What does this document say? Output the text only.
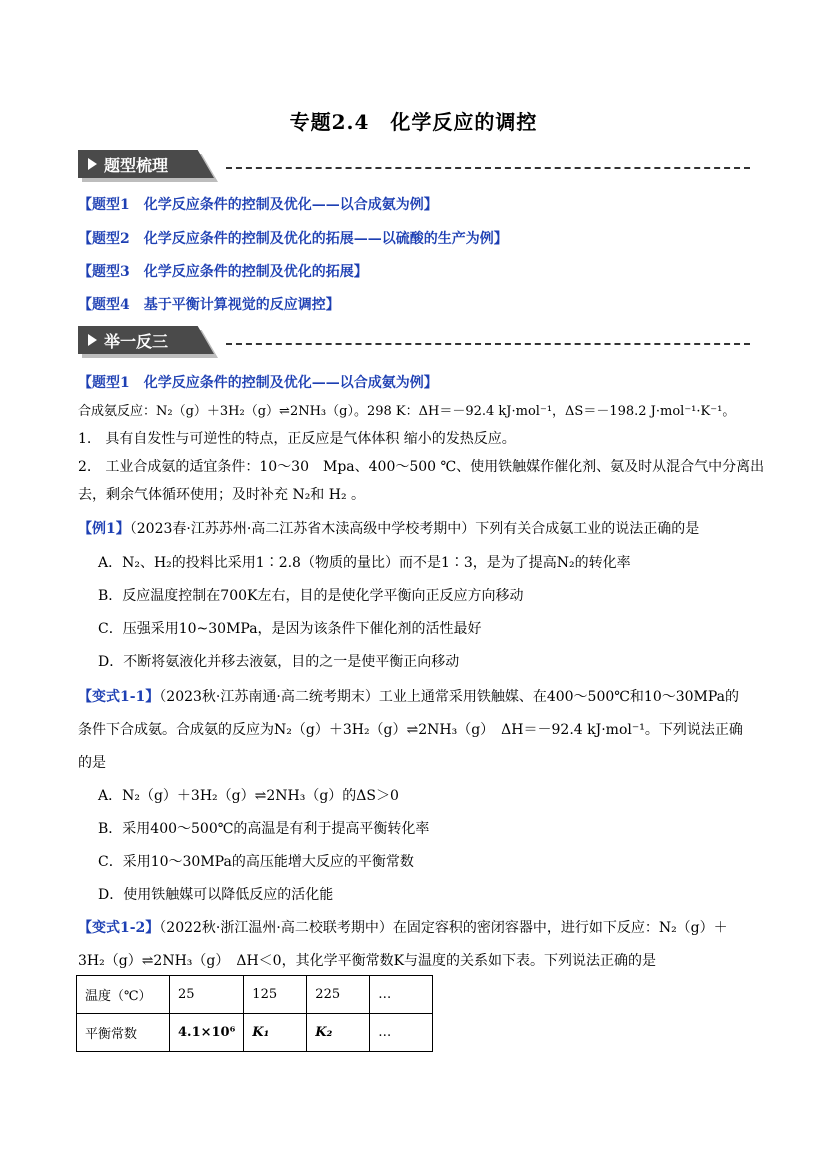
专题2.4　化学反应的调控
题型梳理
【题型1　化学反应条件的控制及优化——以合成氨为例】
【题型2　化学反应条件的控制及优化的拓展——以硫酸的生产为例】
【题型3　化学反应条件的控制及优化的拓展】
【题型4　基于平衡计算视觉的反应调控】
举一反三
【题型1　化学反应条件的控制及优化——以合成氨为例】
合成氨反应：N₂（g）＋3H₂（g）⇌2NH₃（g）。298 K：ΔH＝－92.4 kJ·mol⁻¹，ΔS＝－198.2 J·mol⁻¹·K⁻¹。
1.　具有自发性与可逆性的特点，正反应是气体体积 缩小的发热反应。
2.　工业合成氨的适宜条件：10～30　Mpa、400～500 ℃、使用铁触媒作催化剂、氨及时从混合气中分离出
去，剩余气体循环使用；及时补充 N₂和 H₂ 。
【例1】（2023春·江苏苏州·高二江苏省木渎高级中学校考期中）下列有关合成氨工业的说法正确的是
A．N₂、H₂的投料比采用1∶2.8（物质的量比）而不是1∶3，是为了提高N₂的转化率
B．反应温度控制在700K左右，目的是使化学平衡向正反应方向移动
C．压强采用10~30MPa，是因为该条件下催化剂的活性最好
D．不断将氨液化并移去液氨，目的之一是使平衡正向移动
【变式1-1】（2023秋·江苏南通·高二统考期末）工业上通常采用铁触媒、在400～500℃和10～30MPa的
条件下合成氨。合成氨的反应为N₂（g）＋3H₂（g）⇌2NH₃（g）　ΔH＝－92.4 kJ·mol⁻¹。下列说法正确
的是
A．N₂（g）＋3H₂（g）⇌2NH₃（g）的ΔS＞0
B．采用400～500℃的高温是有利于提高平衡转化率
C．采用10～30MPa的高压能增大反应的平衡常数
D．使用铁触媒可以降低反应的活化能
【变式1-2】（2022秋·浙江温州·高二校联考期中）在固定容积的密闭容器中，进行如下反应：N₂（g）＋
3H₂（g）⇌2NH₃（g）　ΔH＜0，其化学平衡常数K与温度的关系如下表。下列说法正确的是
温度（℃）	25	125	225	…
平衡常数	4.1×10⁶	K₁	K₂	…
